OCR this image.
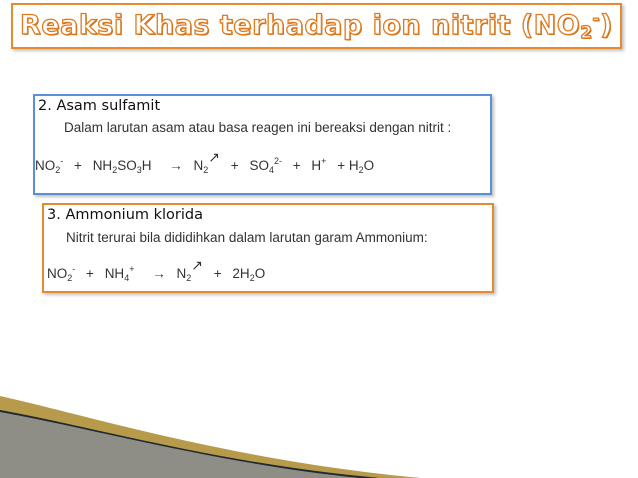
Reaksi Khas terhadap ion nitrit $(NO_2^-)$
2. Asam sulfamit
Dalam larutan asam atau basa reagen ini bereaksi dengan nitrit :
$NO_2^- + NH_2SO_3H$ → $N_2↗ + SO_4^{2-} + H^+ + H_2O$
3. Ammonium klorida
Nitrit terurai bila dididihkan dalam larutan garam Ammonium:
$NO_2^- + NH_4^+$ → $N_2↗ + 2H_2O$
